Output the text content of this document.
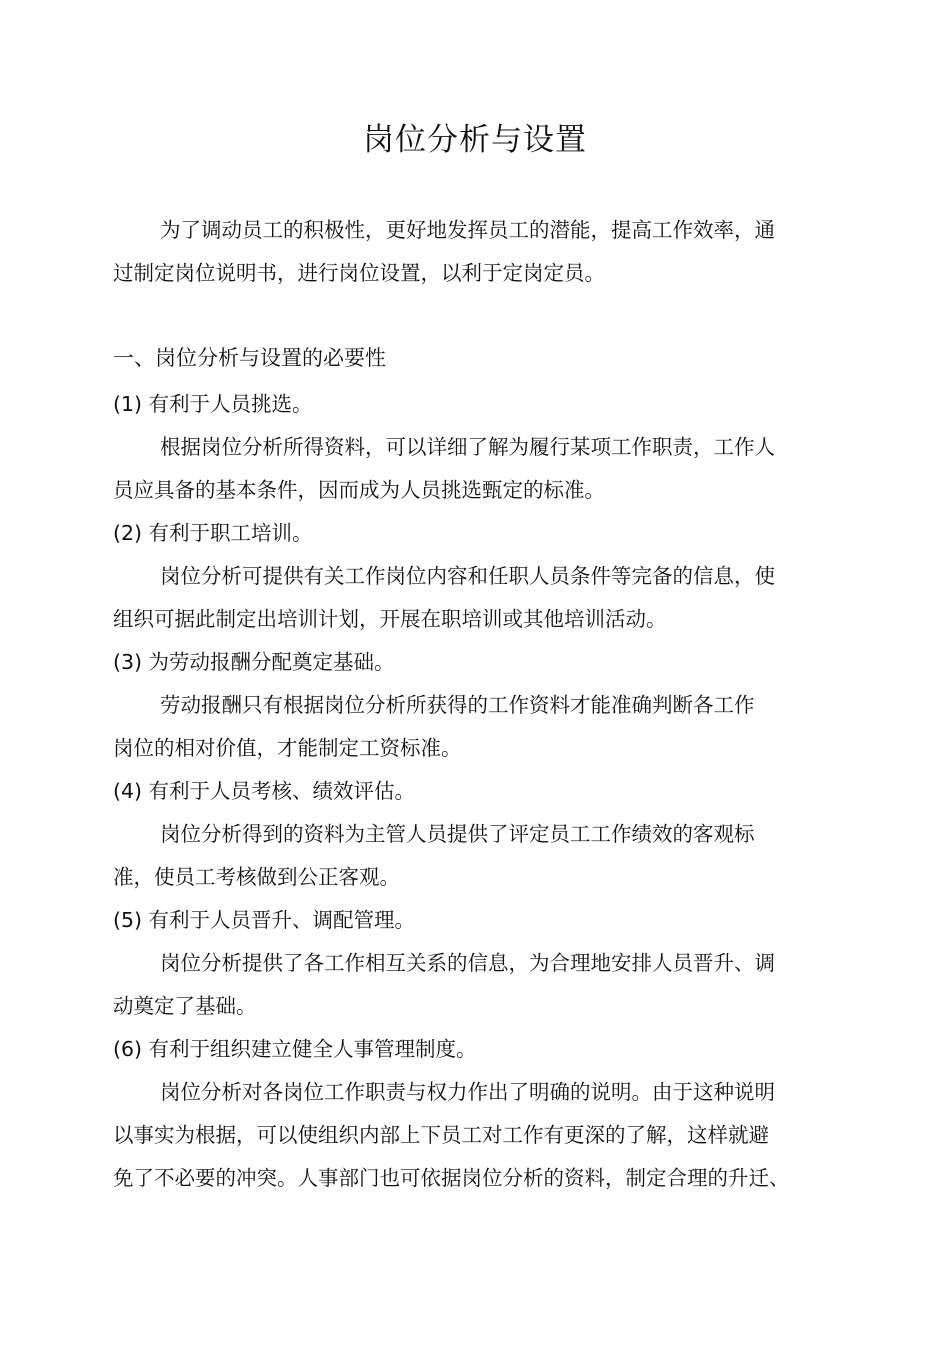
岗位分析与设置
为了调动员工的积极性，更好地发挥员工的潜能，提高工作效率，通
过制定岗位说明书，进行岗位设置，以利于定岗定员。
一、岗位分析与设置的必要性
(1) 有利于人员挑选。
根据岗位分析所得资料，可以详细了解为履行某项工作职责，工作人
员应具备的基本条件，因而成为人员挑选甄定的标准。
(2) 有利于职工培训。
岗位分析可提供有关工作岗位内容和任职人员条件等完备的信息，使
组织可据此制定出培训计划，开展在职培训或其他培训活动。
(3) 为劳动报酬分配奠定基础。
劳动报酬只有根据岗位分析所获得的工作资料才能准确判断各工作
岗位的相对价值，才能制定工资标准。
(4) 有利于人员考核、绩效评估。
岗位分析得到的资料为主管人员提供了评定员工工作绩效的客观标
准，使员工考核做到公正客观。
(5) 有利于人员晋升、调配管理。
岗位分析提供了各工作相互关系的信息，为合理地安排人员晋升、调
动奠定了基础。
(6) 有利于组织建立健全人事管理制度。
岗位分析对各岗位工作职责与权力作出了明确的说明。由于这种说明
以事实为根据，可以使组织内部上下员工对工作有更深的了解，这样就避
免了不必要的冲突。人事部门也可依据岗位分析的资料，制定合理的升迁、
